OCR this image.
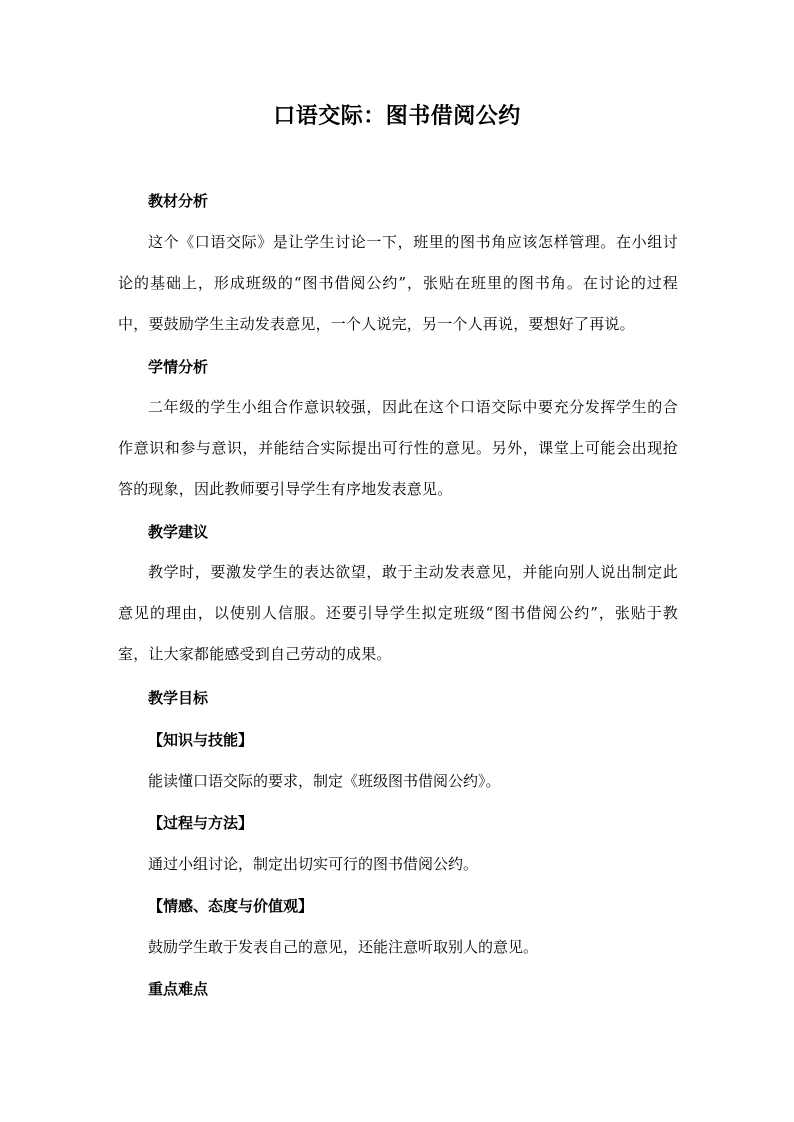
口语交际：图书借阅公约
教材分析
这个《口语交际》是让学生讨论一下，班里的图书角应该怎样管理。在小组讨论的基础上，形成班级的“图书借阅公约”，张贴在班里的图书角。在讨论的过程中，要鼓励学生主动发表意见，一个人说完，另一个人再说，要想好了再说。
学情分析
二年级的学生小组合作意识较强，因此在这个口语交际中要充分发挥学生的合作意识和参与意识，并能结合实际提出可行性的意见。另外，课堂上可能会出现抢答的现象，因此教师要引导学生有序地发表意见。
教学建议
教学时，要激发学生的表达欲望，敢于主动发表意见，并能向别人说出制定此意见的理由，以使别人信服。还要引导学生拟定班级“图书借阅公约”，张贴于教室，让大家都能感受到自己劳动的成果。
教学目标
【知识与技能】
能读懂口语交际的要求，制定《班级图书借阅公约》。
【过程与方法】
通过小组讨论，制定出切实可行的图书借阅公约。
【情感、态度与价值观】
鼓励学生敢于发表自己的意见，还能注意听取别人的意见。
重点难点
